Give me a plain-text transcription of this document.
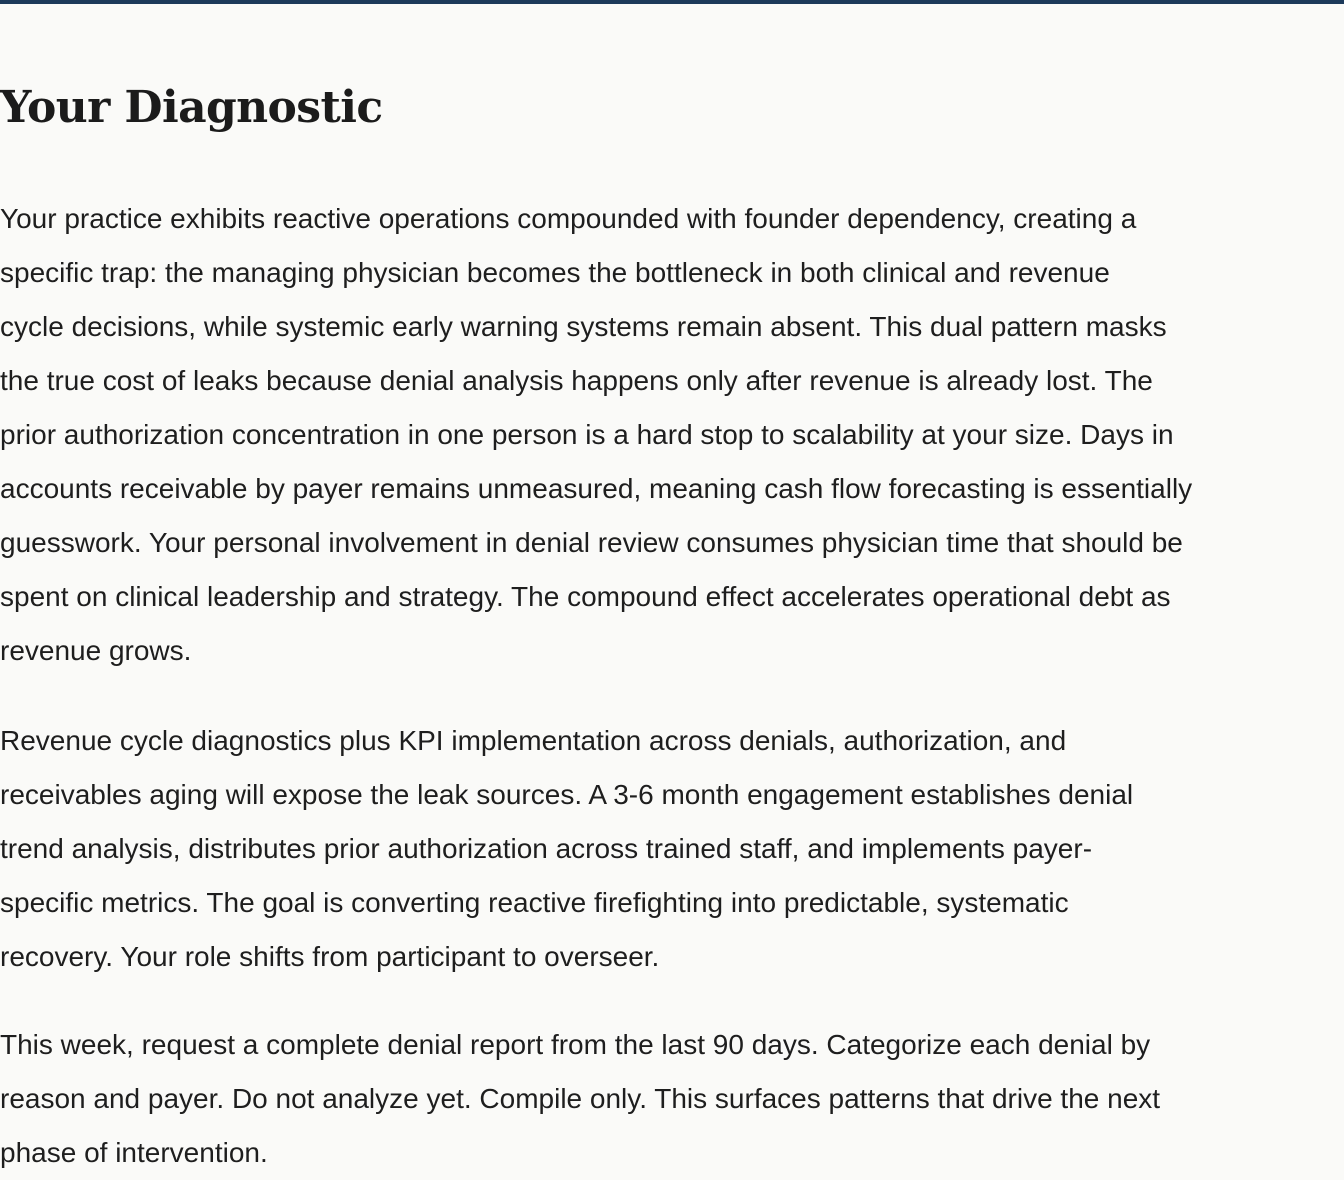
Your Diagnostic

Your practice exhibits reactive operations compounded with founder dependency, creating a
specific trap: the managing physician becomes the bottleneck in both clinical and revenue
cycle decisions, while systemic early warning systems remain absent. This dual pattern masks
the true cost of leaks because denial analysis happens only after revenue is already lost. The
prior authorization concentration in one person is a hard stop to scalability at your size. Days in
accounts receivable by payer remains unmeasured, meaning cash flow forecasting is essentially
guesswork. Your personal involvement in denial review consumes physician time that should be
spent on clinical leadership and strategy. The compound effect accelerates operational debt as
revenue grows.

Revenue cycle diagnostics plus KPI implementation across denials, authorization, and
receivables aging will expose the leak sources. A 3-6 month engagement establishes denial
trend analysis, distributes prior authorization across trained staff, and implements payer-
specific metrics. The goal is converting reactive firefighting into predictable, systematic
recovery. Your role shifts from participant to overseer.

This week, request a complete denial report from the last 90 days. Categorize each denial by
reason and payer. Do not analyze yet. Compile only. This surfaces patterns that drive the next
phase of intervention.
